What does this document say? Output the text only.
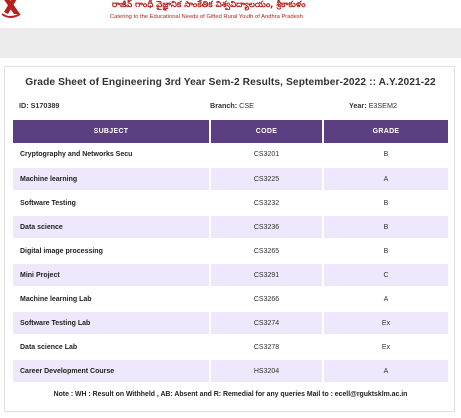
రాజీవ్ గాంధీ వైజ్ఞానిక సాంకేతిక విశ్వవిద్యాలయం, శ్రీకాకుళం
Catering to the Educational Needs of Gifted Rural Youth of Andhra Pradesh
Grade Sheet of Engineering 3rd Year Sem-2 Results, September-2022 :: A.Y.2021-22
ID: S170389	Branch: CSE	Year: E3SEM2
SUBJECT	CODE	GRADE
Cryptography and Networks Secu	CS3201	B
Machine learning	CS3225	A
Software Testing	CS3232	B
Data science	CS3236	B
Digital image processing	CS3265	B
Mini Project	CS3291	C
Machine learning Lab	CS3266	A
Software Testing Lab	CS3274	Ex
Data science Lab	CS3278	Ex
Career Development Course	HS3204	A
Note : WH : Result on Withheld , AB: Absent and R: Remedial for any queries Mail to : ecell@rguktsklm.ac.in
